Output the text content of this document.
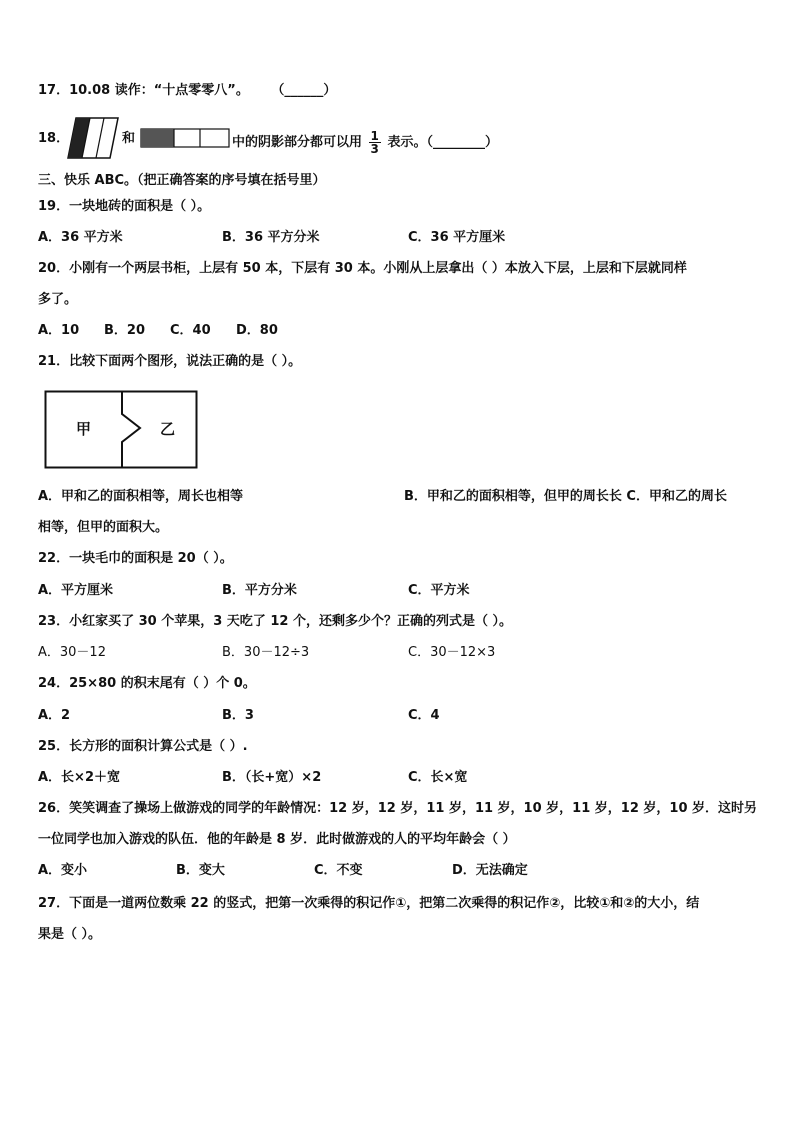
17．10.08 读作：“十点零零八”。 （______）
18．	和	中的阴影部分都可以用 $\frac{1}{3}$ 表示。（________）
三、快乐 ABC。（把正确答案的序号填在括号里）
19．一块地砖的面积是（ ）。
A．36 平方米	B．36 平方分米	C．36 平方厘米
20．小刚有一个两层书柜，上层有 50 本，下层有 30 本。小刚从上层拿出（ ）本放入下层，上层和下层就同样
多了。
A．10 B．20 C．40 D．80
21．比较下面两个图形，说法正确的是（ ）。
甲	乙
A．甲和乙的面积相等，周长也相等	B．甲和乙的面积相等，但甲的周长长 C．甲和乙的周长
相等，但甲的面积大。
22．一块毛巾的面积是 20（ ）。
A．平方厘米	B．平方分米	C．平方米
23．小红家买了 30 个苹果，3 天吃了 12 个，还剩多少个？正确的列式是（ ）。
A．30－12	B．30－12÷3	C．30－12×3
24．25×80 的积末尾有（ ）个 0。
A．2	B．3	C．4
25．长方形的面积计算公式是（ ）.
A．长×2＋宽	B．（长+宽）×2	C．长×宽
26．笑笑调查了操场上做游戏的同学的年龄情况：12 岁，12 岁，11 岁，11 岁，10 岁，11 岁，12 岁，10 岁．这时另
一位同学也加入游戏的队伍．他的年龄是 8 岁．此时做游戏的人的平均年龄会（ ）
A．变小	B．变大	C．不变	D．无法确定
27．下面是一道两位数乘 22 的竖式，把第一次乘得的积记作①，把第二次乘得的积记作②，比较①和②的大小，结
果是（ ）。
